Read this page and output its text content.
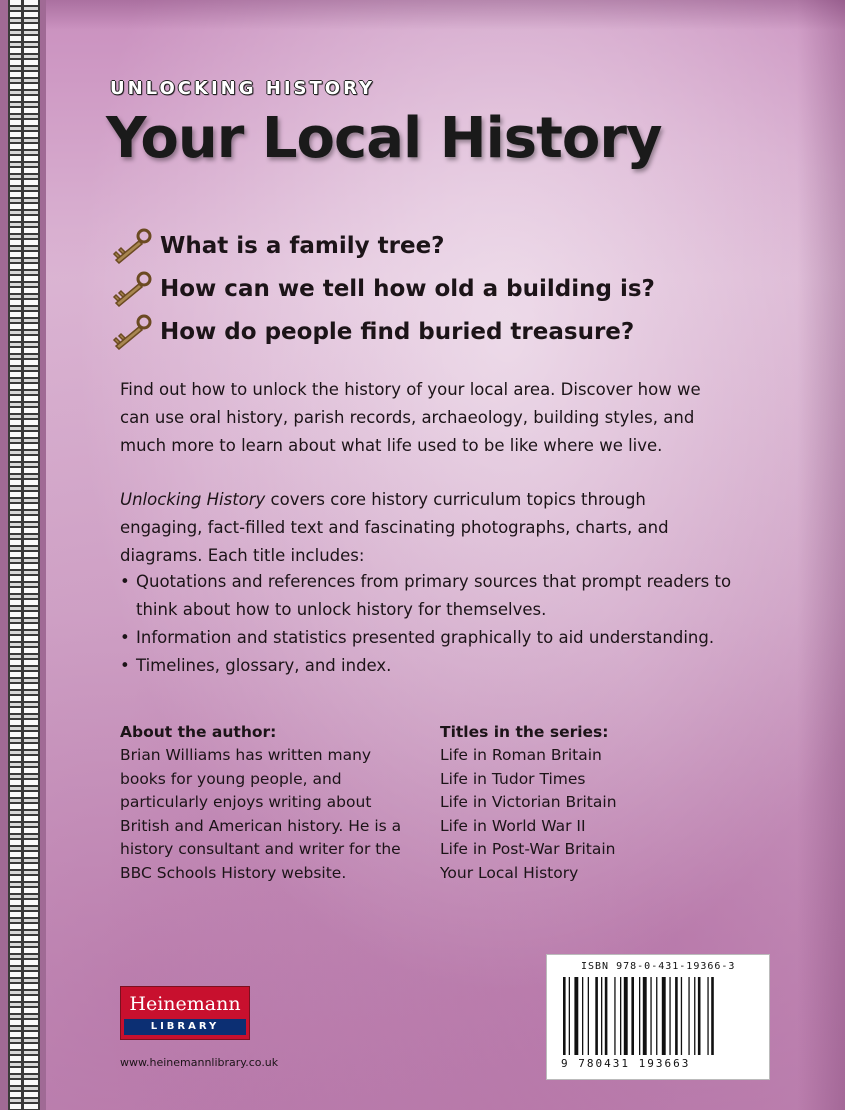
UNLOCKING HISTORY
Your Local History
What is a family tree?
How can we tell how old a building is?
How do people find buried treasure?

Find out how to unlock the history of your local area. Discover how we can use oral history, parish records, archaeology, building styles, and much more to learn about what life used to be like where we live.

Unlocking History covers core history curriculum topics through engaging, fact-filled text and fascinating photographs, charts, and diagrams. Each title includes:

• Quotations and references from primary sources that prompt readers to think about how to unlock history for themselves.
• Information and statistics presented graphically to aid understanding.
• Timelines, glossary, and index.
About the author:
Brian Williams has written many books for young people, and particularly enjoys writing about British and American history. He is a history consultant and writer for the BBC Schools History website.
Titles in the series:
Life in Roman Britain
Life in Tudor Times
Life in Victorian Britain
Life in World War II
Life in Post-War Britain
Your Local History
Heinemann
LIBRARY
www.heinemannlibrary.co.uk
ISBN 978-0-431-19366-3
9 780431 193663
